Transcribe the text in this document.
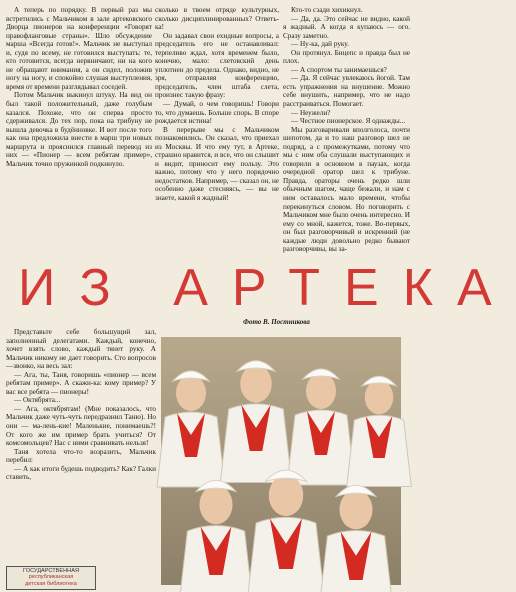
А теперь по порядку. В первый раз мы встретились с Мальчиком в зале артековского Дворца пионеров на конференции «Говорят правофланговые страны». Шло обсуждение марша «Всегда готов!». Мальчик не выступал и, судя по всему, не готовился выступать: те, кто готовится, всегда нервничают, ни на кого не обращают внимания, а он сидел, положив ногу на ногу, и спокойно слушая выступления, время от времени разглядывал соседей.

Потом Мальчик выкинул штуку. На вид он был такой положительный, даже голубым казался. Похоже, что он сперва просто сдерживался. До тех пор, пока на трибуну не вышла девочка в будённовке. И вот после того как она предложила внести в марш три новых маршрута и прояснился главный перевод из них — «Пионер — всем ребятам пример», Мальчик точно пружинкой подкинуло.

сколько в твоем отряде культурных, сколько дисциплинированных? Ответь-ка!

Он задавал свои ехидные вопросы, а председатель его не останавливал: терпеливо ждал, хотя временем было, конечно, мало: слетовский день уплотнен до предела. Однако, видно, не зря, отправляя конференцию, председатель, член штаба слета, произнес такую фразу:

— Думай, о чем говоришь! Говори то, что думаешь. Больше спорь. В споре рождается истина!

В перерыве мы с Мальчиком познакомились. Он сказал, что приехал из Москвы. И что ему тут, в Артеке, страшно нравится, и все, что он слышит и видит, приносит ему пользу. Это важно, потому что у него порядочно недостатков. Например, — сказал он, не особенно даже стесняясь, — вы не знаете, какой я жадный!

Кто-то сзади хихикнул.

— Да, да. Это сейчас не видно, какой я жадный. А когда я купаюсь — ого. Сразу заметно.

— Ну-ка, дай руку.

Он протянул. Бицепс и правда был не плох.

— А спортом ты занимаешься?

— Да. Я сейчас увлекаюсь йогой. Там есть упражнения на внушение. Можно себе внушить, например, что не надо расстраиваться. Помогает.

— Неужели?

— Честное пионерское. Я однажды...

Мы разговаривали вполголоса, почти шепотом, да и то наш разговор шел не подряд, а с промежутками, потому что мы с ним оба слушали выступающих и говорили в основном в паузах, когда очередной оратор шел к трибуне. Правда, ораторы очень редко шли обычным шагом, чаще бежали, и нам с ним оставалось мало времени, чтобы перекинуться словом. Но поговорить с Мальчиком мне было очень интересно. И ему со мной, кажется, тоже. Во-первых, он был разговорчивый и искренний (не каждые люди довольно редко бывают разговорчивы, вы за-

ИЗ АРТЕКА
Фото В. Постникова

Представьте себе большущий зал, заполненный делегатами. Каждый, конечно, хочет взять слово, каждый тянет руку. А Мальчик никому не дает говорить. Сто вопросов—звонко, на весь зал:

— Ага, ты, Таня, говоришь «пионер — всем ребятам пример». А скажи-ка: кому пример? У вас все ребята — пионеры!

— Октябрята...

— Ага, октябрятам! (Мне показалось, что Мальчик даже чуть-чуть передразнил Таню). Но они — ма-лень-кие! Маленькие, понимаешь?! От кого же им пример брать учиться? От комсомольцев? Нас с ними сравнивать нельзя!

Таня хотела что-то возразить, Мальчик перебил:

— А как итоги будешь подводить? Как? Галки ставить,

ГОСУДАРСТВЕННАЯ
республиканская
детская библиотека
